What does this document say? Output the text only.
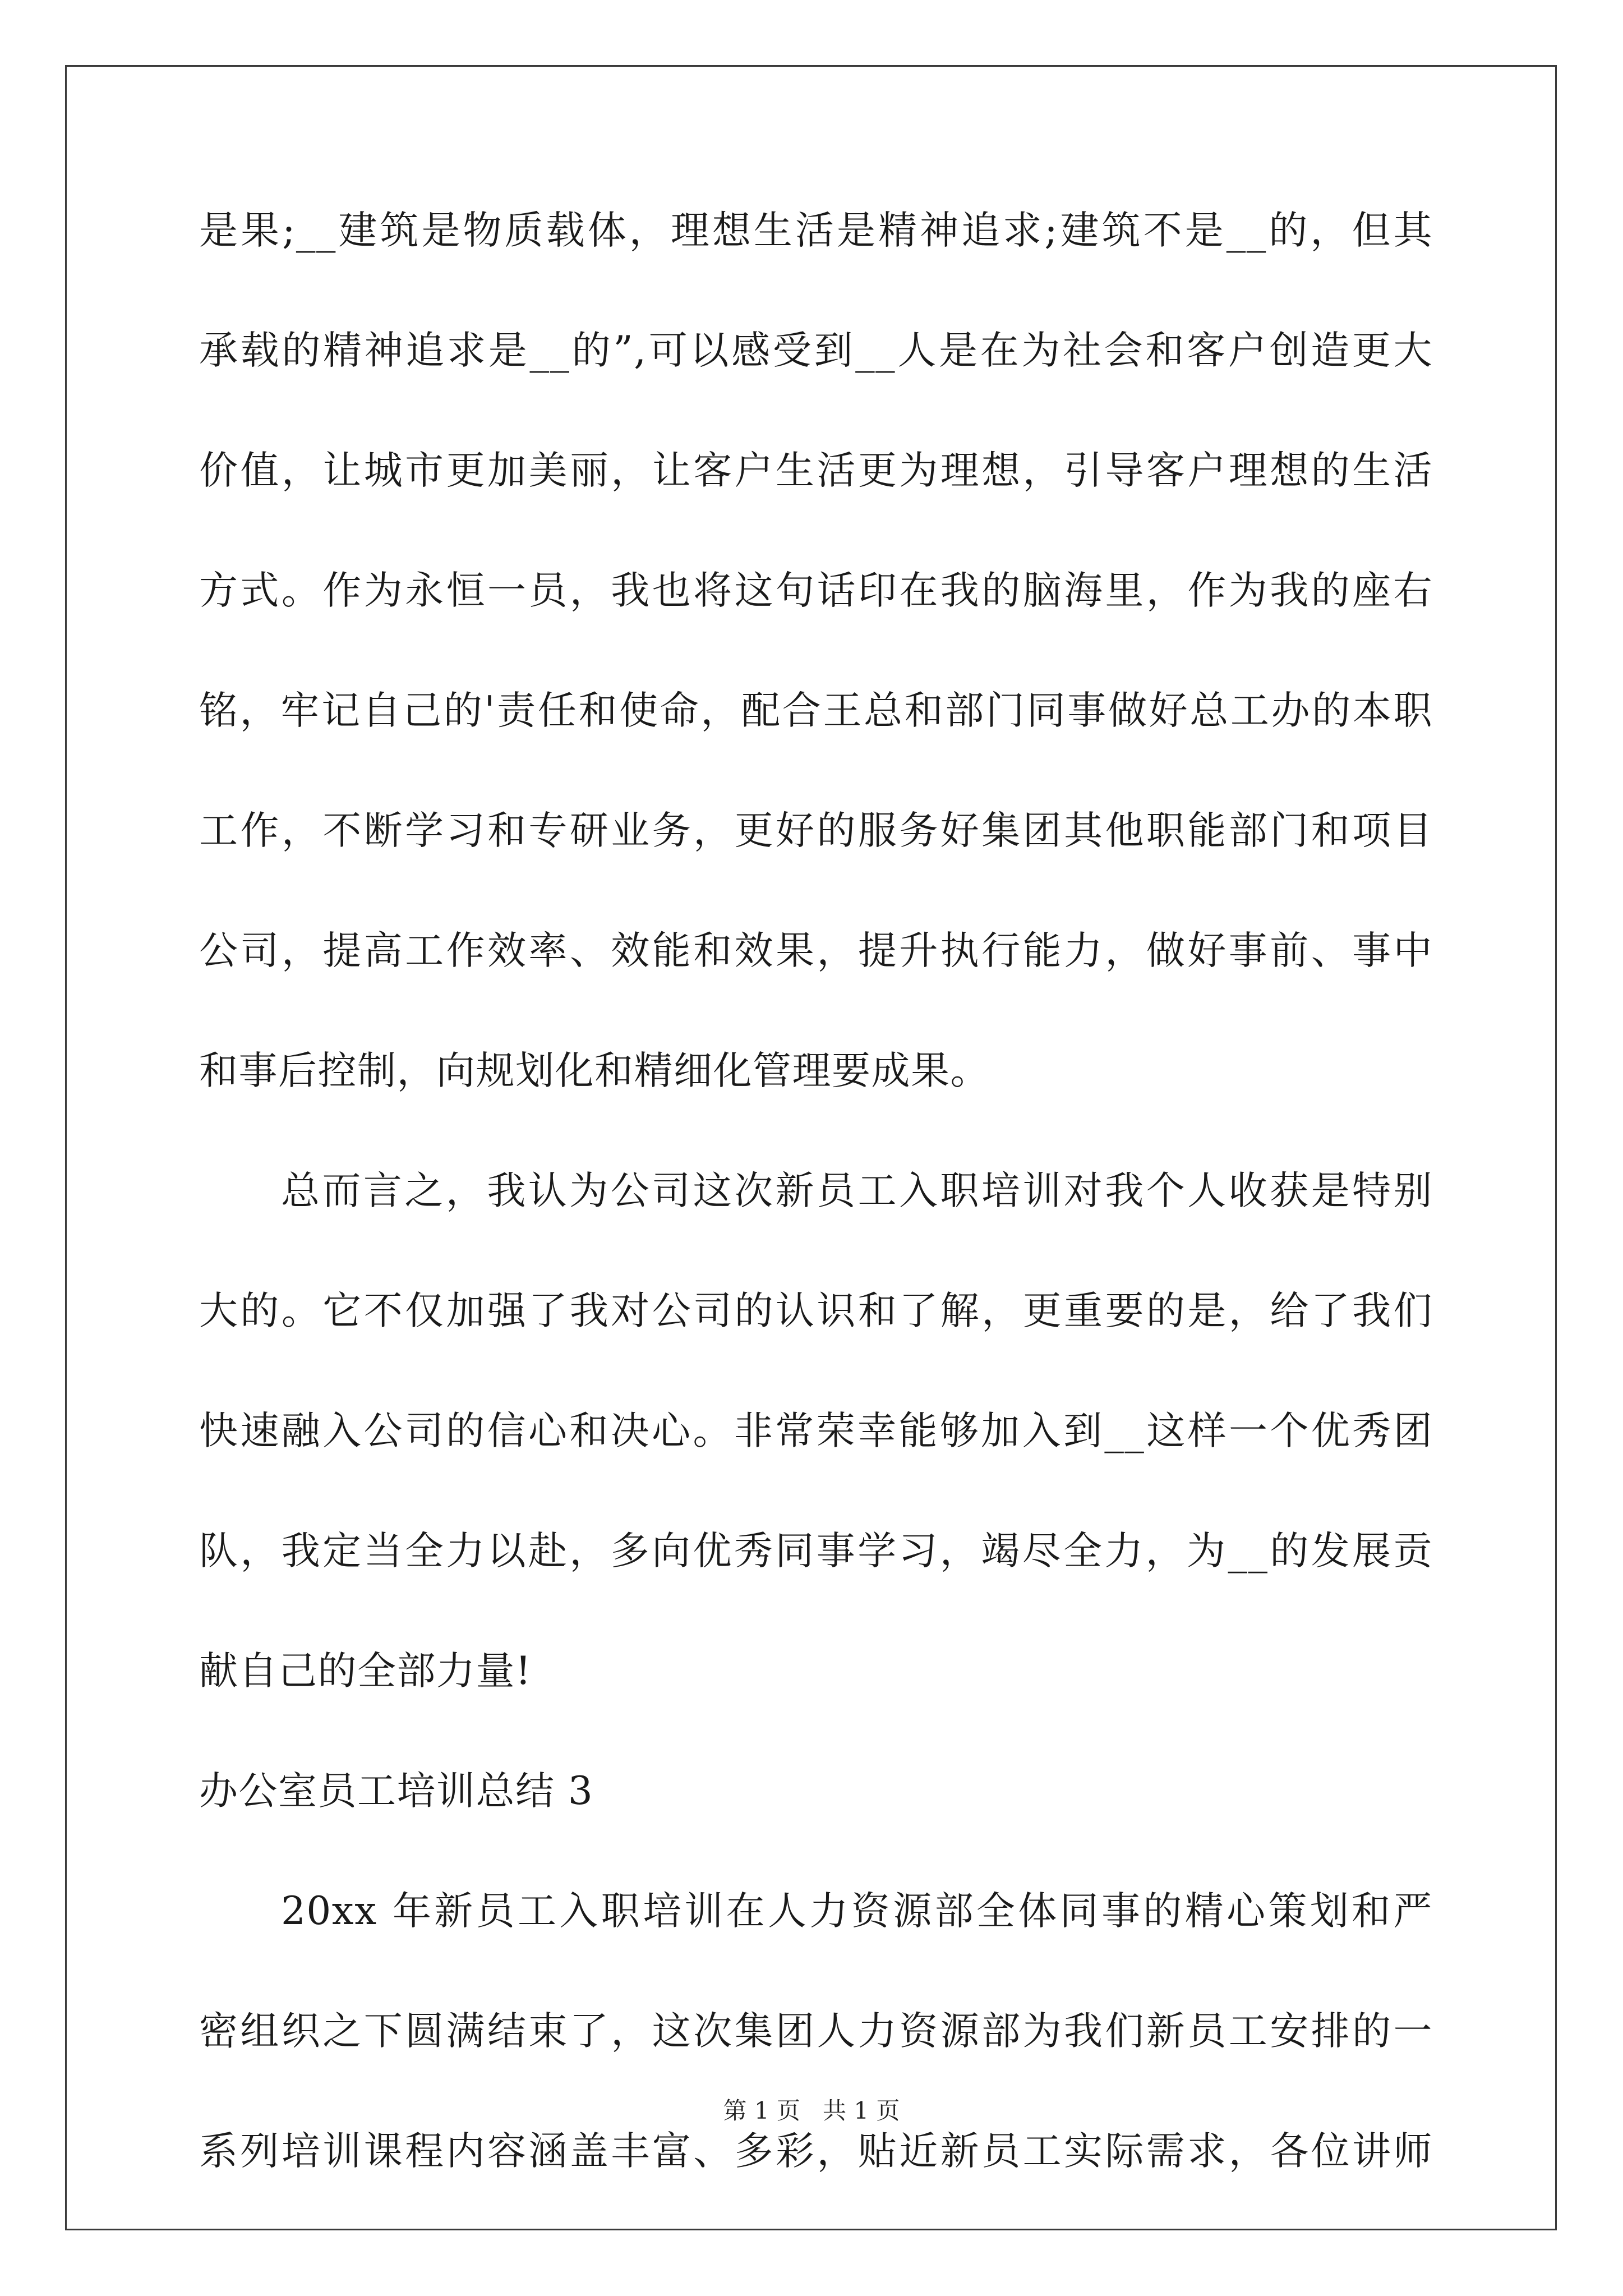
是果;__建筑是物质载体，理想生活是精神追求;建筑不是__的，但其
承载的精神追求是__的”,可以感受到__人是在为社会和客户创造更大
价值，让城市更加美丽，让客户生活更为理想，引导客户理想的生活
方式。作为永恒一员，我也将这句话印在我的脑海里，作为我的座右
铭，牢记自己的'责任和使命，配合王总和部门同事做好总工办的本职
工作，不断学习和专研业务，更好的服务好集团其他职能部门和项目
公司，提高工作效率、效能和效果，提升执行能力，做好事前、事中
和事后控制，向规划化和精细化管理要成果。
总而言之，我认为公司这次新员工入职培训对我个人收获是特别
大的。它不仅加强了我对公司的认识和了解，更重要的是，给了我们
快速融入公司的信心和决心。非常荣幸能够加入到__这样一个优秀团
队，我定当全力以赴，多向优秀同事学习，竭尽全力，为__的发展贡
献自己的全部力量!
办公室员工培训总结 3
20xx 年新员工入职培训在人力资源部全体同事的精心策划和严
密组织之下圆满结束了，这次集团人力资源部为我们新员工安排的一
系列培训课程内容涵盖丰富、多彩，贴近新员工实际需求，各位讲师
第 1 页   共 1 页
